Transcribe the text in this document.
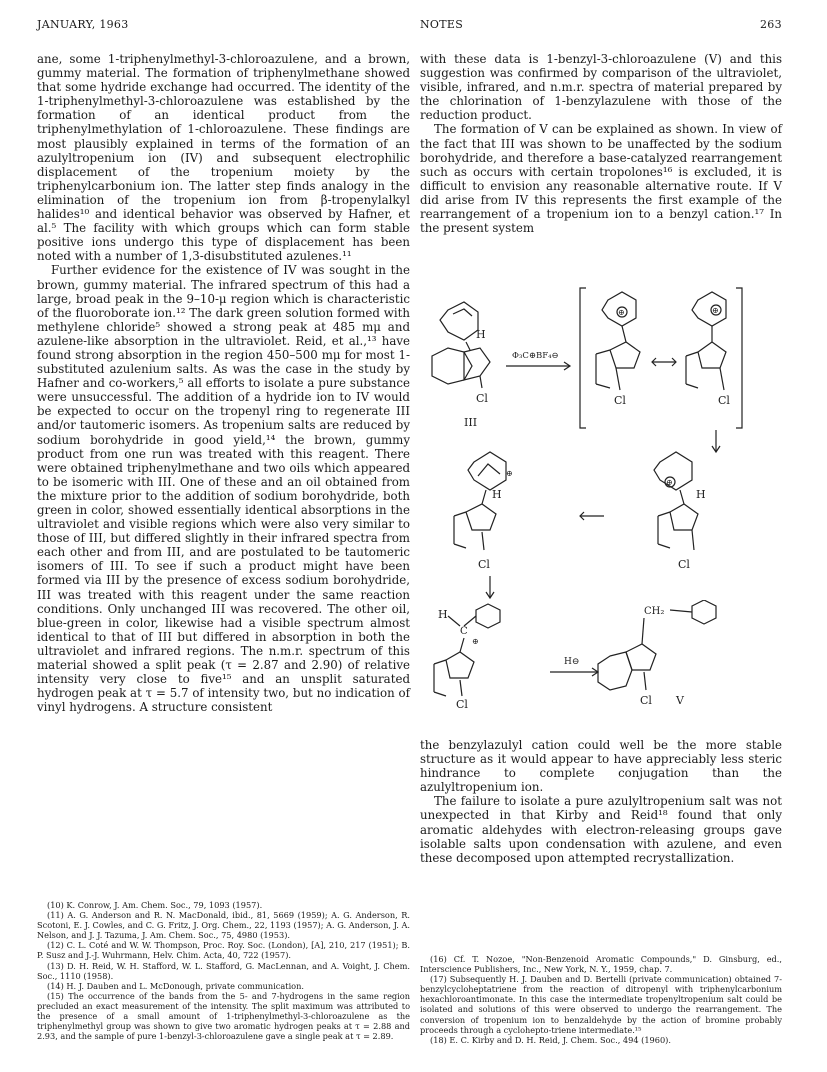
JANUARY, 1963	NOTES	263

ane, some 1-triphenylmethyl-3-chloroazulene, and a brown, gummy material. The formation of triphenylmethane showed that some hydride exchange had occurred. The identity of the 1-triphenylmethyl-3-chloroazulene was established by the formation of an identical product from the triphenylmethylation of 1-chloroazulene. These findings are most plausibly explained in terms of the formation of an azulyltropenium ion (IV) and subsequent electrophilic displacement of the tropenium moiety by the triphenylcarbonium ion. The latter step finds analogy in the elimination of the tropenium ion from β-tropenylalkyl halides¹⁰ and identical behavior was observed by Hafner, et al.⁵ The facility with which groups which can form stable positive ions undergo this type of displacement has been noted with a number of 1,3-disubstituted azulenes.¹¹

Further evidence for the existence of IV was sought in the brown, gummy material. The infrared spectrum of this had a large, broad peak in the 9–10-μ region which is characteristic of the fluoroborate ion.¹² The dark green solution formed with methylene chloride⁵ showed a strong peak at 485 mμ and azulene-like absorption in the ultraviolet. Reid, et al.,¹³ have found strong absorption in the region 450–500 mμ for most 1-substituted azulenium salts. As was the case in the study by Hafner and co-workers,⁵ all efforts to isolate a pure substance were unsuccessful. The addition of a hydride ion to IV would be expected to occur on the tropenyl ring to regenerate III and/or tautomeric isomers. As tropenium salts are reduced by sodium borohydride in good yield,¹⁴ the brown, gummy product from one run was treated with this reagent. There were obtained triphenylmethane and two oils which appeared to be isomeric with III. One of these and an oil obtained from the mixture prior to the addition of sodium borohydride, both green in color, showed essentially identical absorptions in the ultraviolet and visible regions which were also very similar to those of III, but differed slightly in their infrared spectra from each other and from III, and are postulated to be tautomeric isomers of III. To see if such a product might have been formed via III by the presence of excess sodium borohydride, III was treated with this reagent under the same reaction conditions. Only unchanged III was recovered. The other oil, blue-green in color, likewise had a visible spectrum almost identical to that of III but differed in absorption in both the ultraviolet and infrared regions. The n.m.r. spectrum of this material showed a split peak (τ = 2.87 and 2.90) of relative intensity very close to five¹⁵ and an unsplit saturated hydrogen peak at τ = 5.7 of intensity two, but no indication of vinyl hydrogens. A structure consistent

with these data is 1-benzyl-3-chloroazulene (V) and this suggestion was confirmed by comparison of the ultraviolet, visible, infrared, and n.m.r. spectra of material prepared by the chlorination of 1-benzylazulene with those of the reduction product.

The formation of V can be explained as shown. In view of the fact that III was shown to be unaffected by the sodium borohydride, and therefore a base-catalyzed rearrangement such as occurs with certain tropolones¹⁶ is excluded, it is difficult to envision any reasonable alternative route. If V did arise from IV this represents the first example of the rearrangement of a tropenium ion to a benzyl cation.¹⁷ In the present system

H
Cl
III
Φ₃C⊕BF₄⊖
⊕
Cl
⊕
Cl
⊕
H
Cl
⊕
H
Cl
H
C
⊕
Cl
H⊖
CH₂
Cl V

the benzylazulyl cation could well be the more stable structure as it would appear to have appreciably less steric hindrance to complete conjugation than the azulyltropenium ion.

The failure to isolate a pure azulyltropenium salt was not unexpected in that Kirby and Reid¹⁸ found that only aromatic aldehydes with electron-releasing groups gave isolable salts upon condensation with azulene, and even these decomposed upon attempted recrystallization.

(10) K. Conrow, J. Am. Chem. Soc., 79, 1093 (1957).

(11) A. G. Anderson and R. N. MacDonald, ibid., 81, 5669 (1959); A. G. Anderson, R. Scotoni, E. J. Cowles, and C. G. Fritz, J. Org. Chem., 22, 1193 (1957); A. G. Anderson, J. A. Nelson, and J. J. Tazuma, J. Am. Chem. Soc., 75, 4980 (1953).

(12) C. L. Coté and W. W. Thompson, Proc. Roy. Soc. (London), [A], 210, 217 (1951); B. P. Susz and J.-J. Wuhrmann, Helv. Chim. Acta, 40, 722 (1957).

(13) D. H. Reid, W. H. Stafford, W. L. Stafford, G. MacLennan, and A. Voight, J. Chem. Soc., 1110 (1958).

(14) H. J. Dauben and L. McDonough, private communication.

(15) The occurrence of the bands from the 5- and 7-hydrogens in the same region precluded an exact measurement of the intensity. The split maximum was attributed to the presence of a small amount of 1-triphenylmethyl-3-chloroazulene as the triphenylmethyl group was shown to give two aromatic hydrogen peaks at τ = 2.88 and 2.93, and the sample of pure 1-benzyl-3-chloroazulene gave a single peak at τ = 2.89.

(16) Cf. T. Nozoe, "Non-Benzenoid Aromatic Compounds," D. Ginsburg, ed., Interscience Publishers, Inc., New York, N. Y., 1959, chap. 7.

(17) Subsequently H. J. Dauben and D. Bertelli (private communication) obtained 7-benzylcycloheptatriene from the reaction of ditropenyl with triphenylcarbonium hexachloroantimonate. In this case the intermediate tropenyltropenium salt could be isolated and solutions of this were observed to undergo the rearrangement. The conversion of tropenium ion to benzaldehyde by the action of bromine probably proceeds through a cyclohepto-triene intermediate.¹⁵

(18) E. C. Kirby and D. H. Reid, J. Chem. Soc., 494 (1960).
